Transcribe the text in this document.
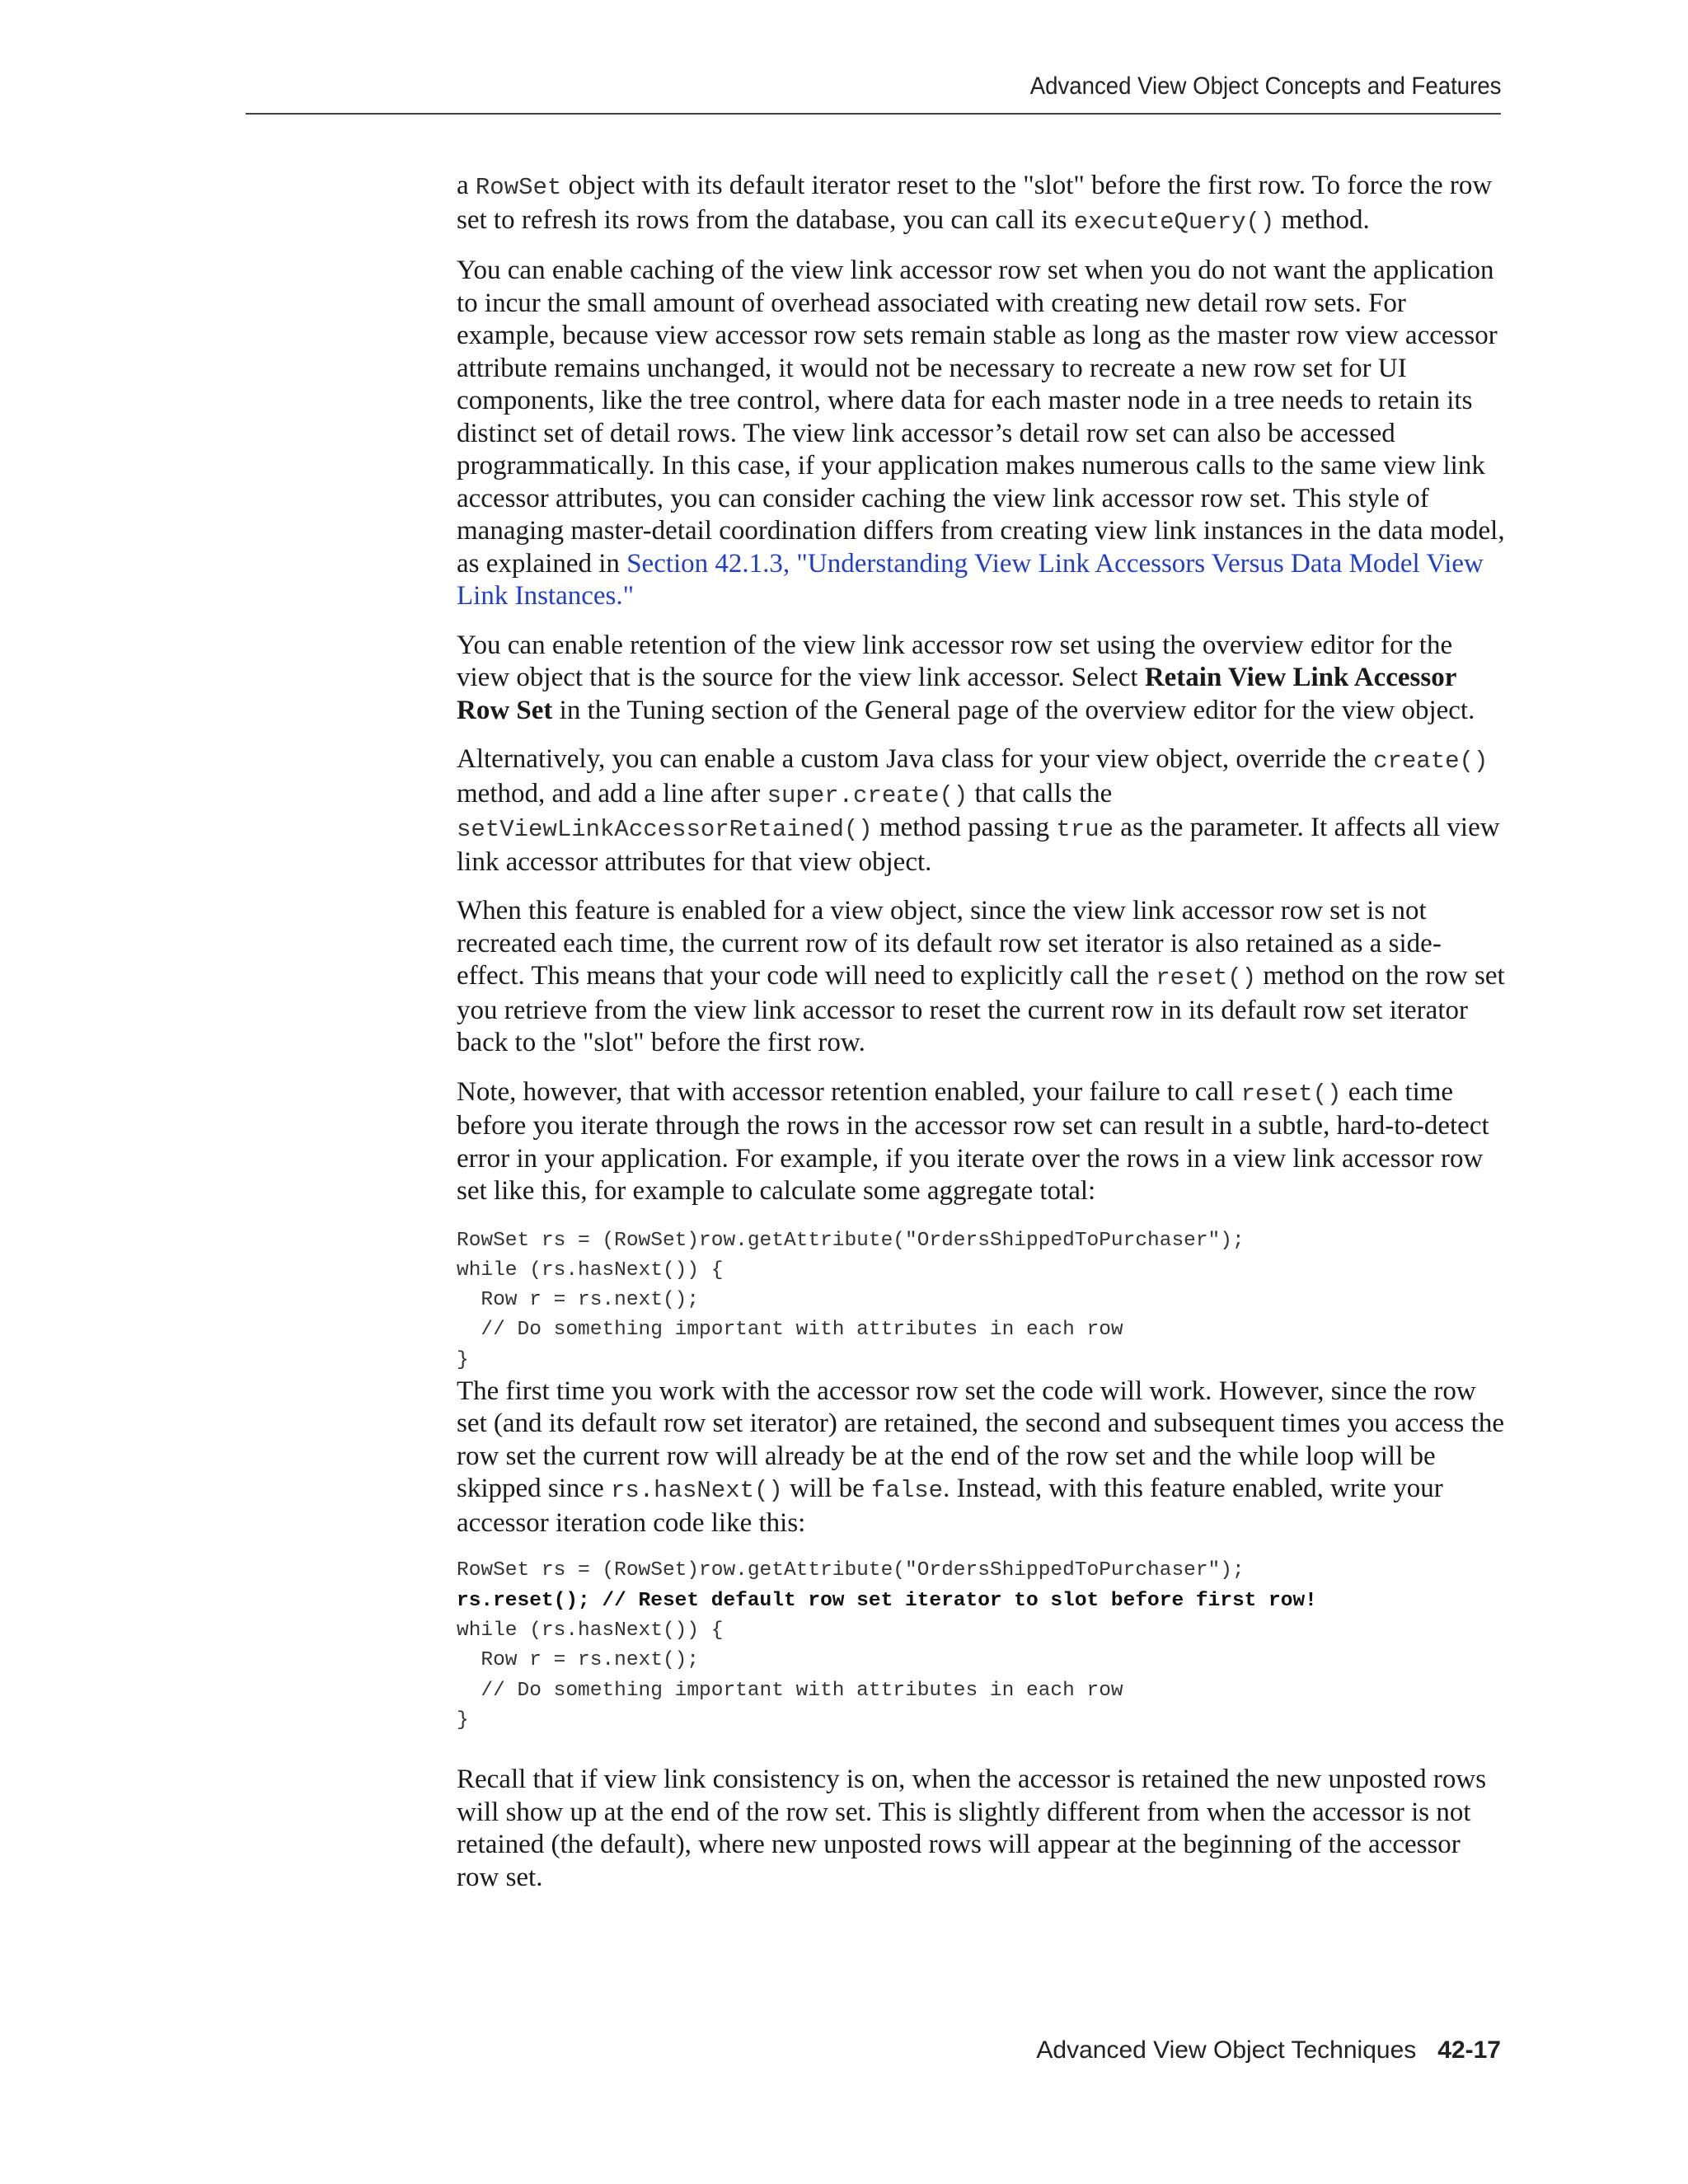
Advanced View Object Concepts and Features

a RowSet object with its default iterator reset to the "slot" before the first row. To force the row set to refresh its rows from the database, you can call its executeQuery() method.

You can enable caching of the view link accessor row set when you do not want the application to incur the small amount of overhead associated with creating new detail row sets. For example, because view accessor row sets remain stable as long as the master row view accessor attribute remains unchanged, it would not be necessary to recreate a new row set for UI components, like the tree control, where data for each master node in a tree needs to retain its distinct set of detail rows. The view link accessor’s detail row set can also be accessed programmatically. In this case, if your application makes numerous calls to the same view link accessor attributes, you can consider caching the view link accessor row set. This style of managing master-detail coordination differs from creating view link instances in the data model, as explained in Section 42.1.3, "Understanding View Link Accessors Versus Data Model View Link Instances."

You can enable retention of the view link accessor row set using the overview editor for the view object that is the source for the view link accessor. Select Retain View Link Accessor Row Set in the Tuning section of the General page of the overview editor for the view object.

Alternatively, you can enable a custom Java class for your view object, override the create() method, and add a line after super.create() that calls the setViewLinkAccessorRetained() method passing true as the parameter. It affects all view link accessor attributes for that view object.

When this feature is enabled for a view object, since the view link accessor row set is not recreated each time, the current row of its default row set iterator is also retained as a side-effect. This means that your code will need to explicitly call the reset() method on the row set you retrieve from the view link accessor to reset the current row in its default row set iterator back to the "slot" before the first row.

Note, however, that with accessor retention enabled, your failure to call reset() each time before you iterate through the rows in the accessor row set can result in a subtle, hard-to-detect error in your application. For example, if you iterate over the rows in a view link accessor row set like this, for example to calculate some aggregate total:

RowSet rs = (RowSet)row.getAttribute("OrdersShippedToPurchaser");
while (rs.hasNext()) {
Row r = rs.next();
// Do something important with attributes in each row
}

The first time you work with the accessor row set the code will work. However, since the row set (and its default row set iterator) are retained, the second and subsequent times you access the row set the current row will already be at the end of the row set and the while loop will be skipped since rs.hasNext() will be false. Instead, with this feature enabled, write your accessor iteration code like this:

RowSet rs = (RowSet)row.getAttribute("OrdersShippedToPurchaser");
rs.reset(); // Reset default row set iterator to slot before first row!
while (rs.hasNext()) {
Row r = rs.next();
// Do something important with attributes in each row
}

Recall that if view link consistency is on, when the accessor is retained the new unposted rows will show up at the end of the row set. This is slightly different from when the accessor is not retained (the default), where new unposted rows will appear at the beginning of the accessor row set.

Advanced View Object Techniques 42-17
